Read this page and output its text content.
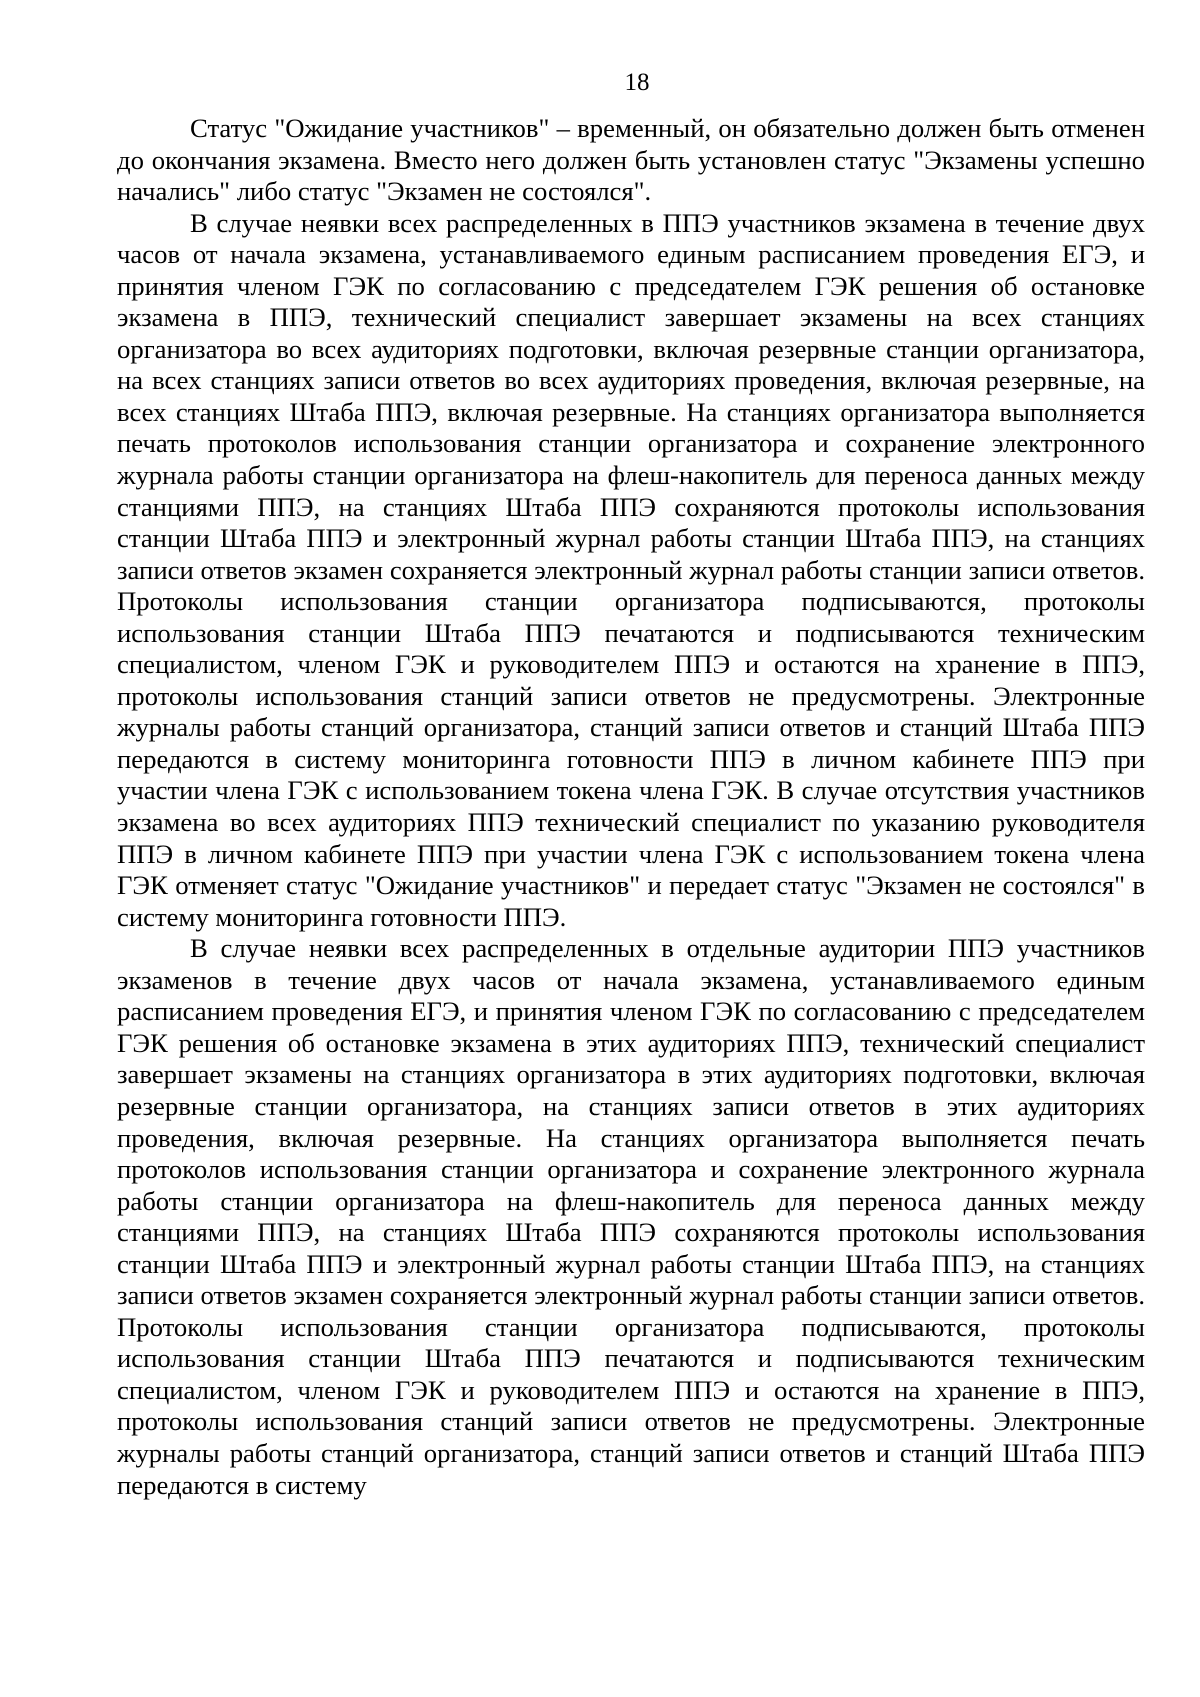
18

Статус "Ожидание участников" – временный, он обязательно должен быть отменен до окончания экзамена. Вместо него должен быть установлен статус "Экзамены успешно начались" либо статус "Экзамен не состоялся".

В случае неявки всех распределенных в ППЭ участников экзамена в течение двух часов от начала экзамена, устанавливаемого единым расписанием проведения ЕГЭ, и принятия членом ГЭК по согласованию с председателем ГЭК решения об остановке экзамена в ППЭ, технический специалист завершает экзамены на всех станциях организатора во всех аудиториях подготовки, включая резервные станции организатора, на всех станциях записи ответов во всех аудиториях проведения, включая резервные, на всех станциях Штаба ППЭ, включая резервные. На станциях организатора выполняется печать протоколов использования станции организатора и сохранение электронного журнала работы станции организатора на флеш-накопитель для переноса данных между станциями ППЭ, на станциях Штаба ППЭ сохраняются протоколы использования станции Штаба ППЭ и электронный журнал работы станции Штаба ППЭ, на станциях записи ответов экзамен сохраняется электронный журнал работы станции записи ответов. Протоколы использования станции организатора подписываются, протоколы использования станции Штаба ППЭ печатаются и подписываются техническим специалистом, членом ГЭК и руководителем ППЭ и остаются на хранение в ППЭ, протоколы использования станций записи ответов не предусмотрены. Электронные журналы работы станций организатора, станций записи ответов и станций Штаба ППЭ передаются в систему мониторинга готовности ППЭ в личном кабинете ППЭ при участии члена ГЭК с использованием токена члена ГЭК. В случае отсутствия участников экзамена во всех аудиториях ППЭ технический специалист по указанию руководителя ППЭ в личном кабинете ППЭ при участии члена ГЭК с использованием токена члена ГЭК отменяет статус "Ожидание участников" и передает статус "Экзамен не состоялся" в систему мониторинга готовности ППЭ.

В случае неявки всех распределенных в отдельные аудитории ППЭ участников экзаменов в течение двух часов от начала экзамена, устанавливаемого единым расписанием проведения ЕГЭ, и принятия членом ГЭК по согласованию с председателем ГЭК решения об остановке экзамена в этих аудиториях ППЭ, технический специалист завершает экзамены на станциях организатора в этих аудиториях подготовки, включая резервные станции организатора, на станциях записи ответов в этих аудиториях проведения, включая резервные. На станциях организатора выполняется печать протоколов использования станции организатора и сохранение электронного журнала работы станции организатора на флеш-накопитель для переноса данных между станциями ППЭ, на станциях Штаба ППЭ сохраняются протоколы использования станции Штаба ППЭ и электронный журнал работы станции Штаба ППЭ, на станциях записи ответов экзамен сохраняется электронный журнал работы станции записи ответов. Протоколы использования станции организатора подписываются, протоколы использования станции Штаба ППЭ печатаются и подписываются техническим специалистом, членом ГЭК и руководителем ППЭ и остаются на хранение в ППЭ, протоколы использования станций записи ответов не предусмотрены. Электронные журналы работы станций организатора, станций записи ответов и станций Штаба ППЭ передаются в систему
